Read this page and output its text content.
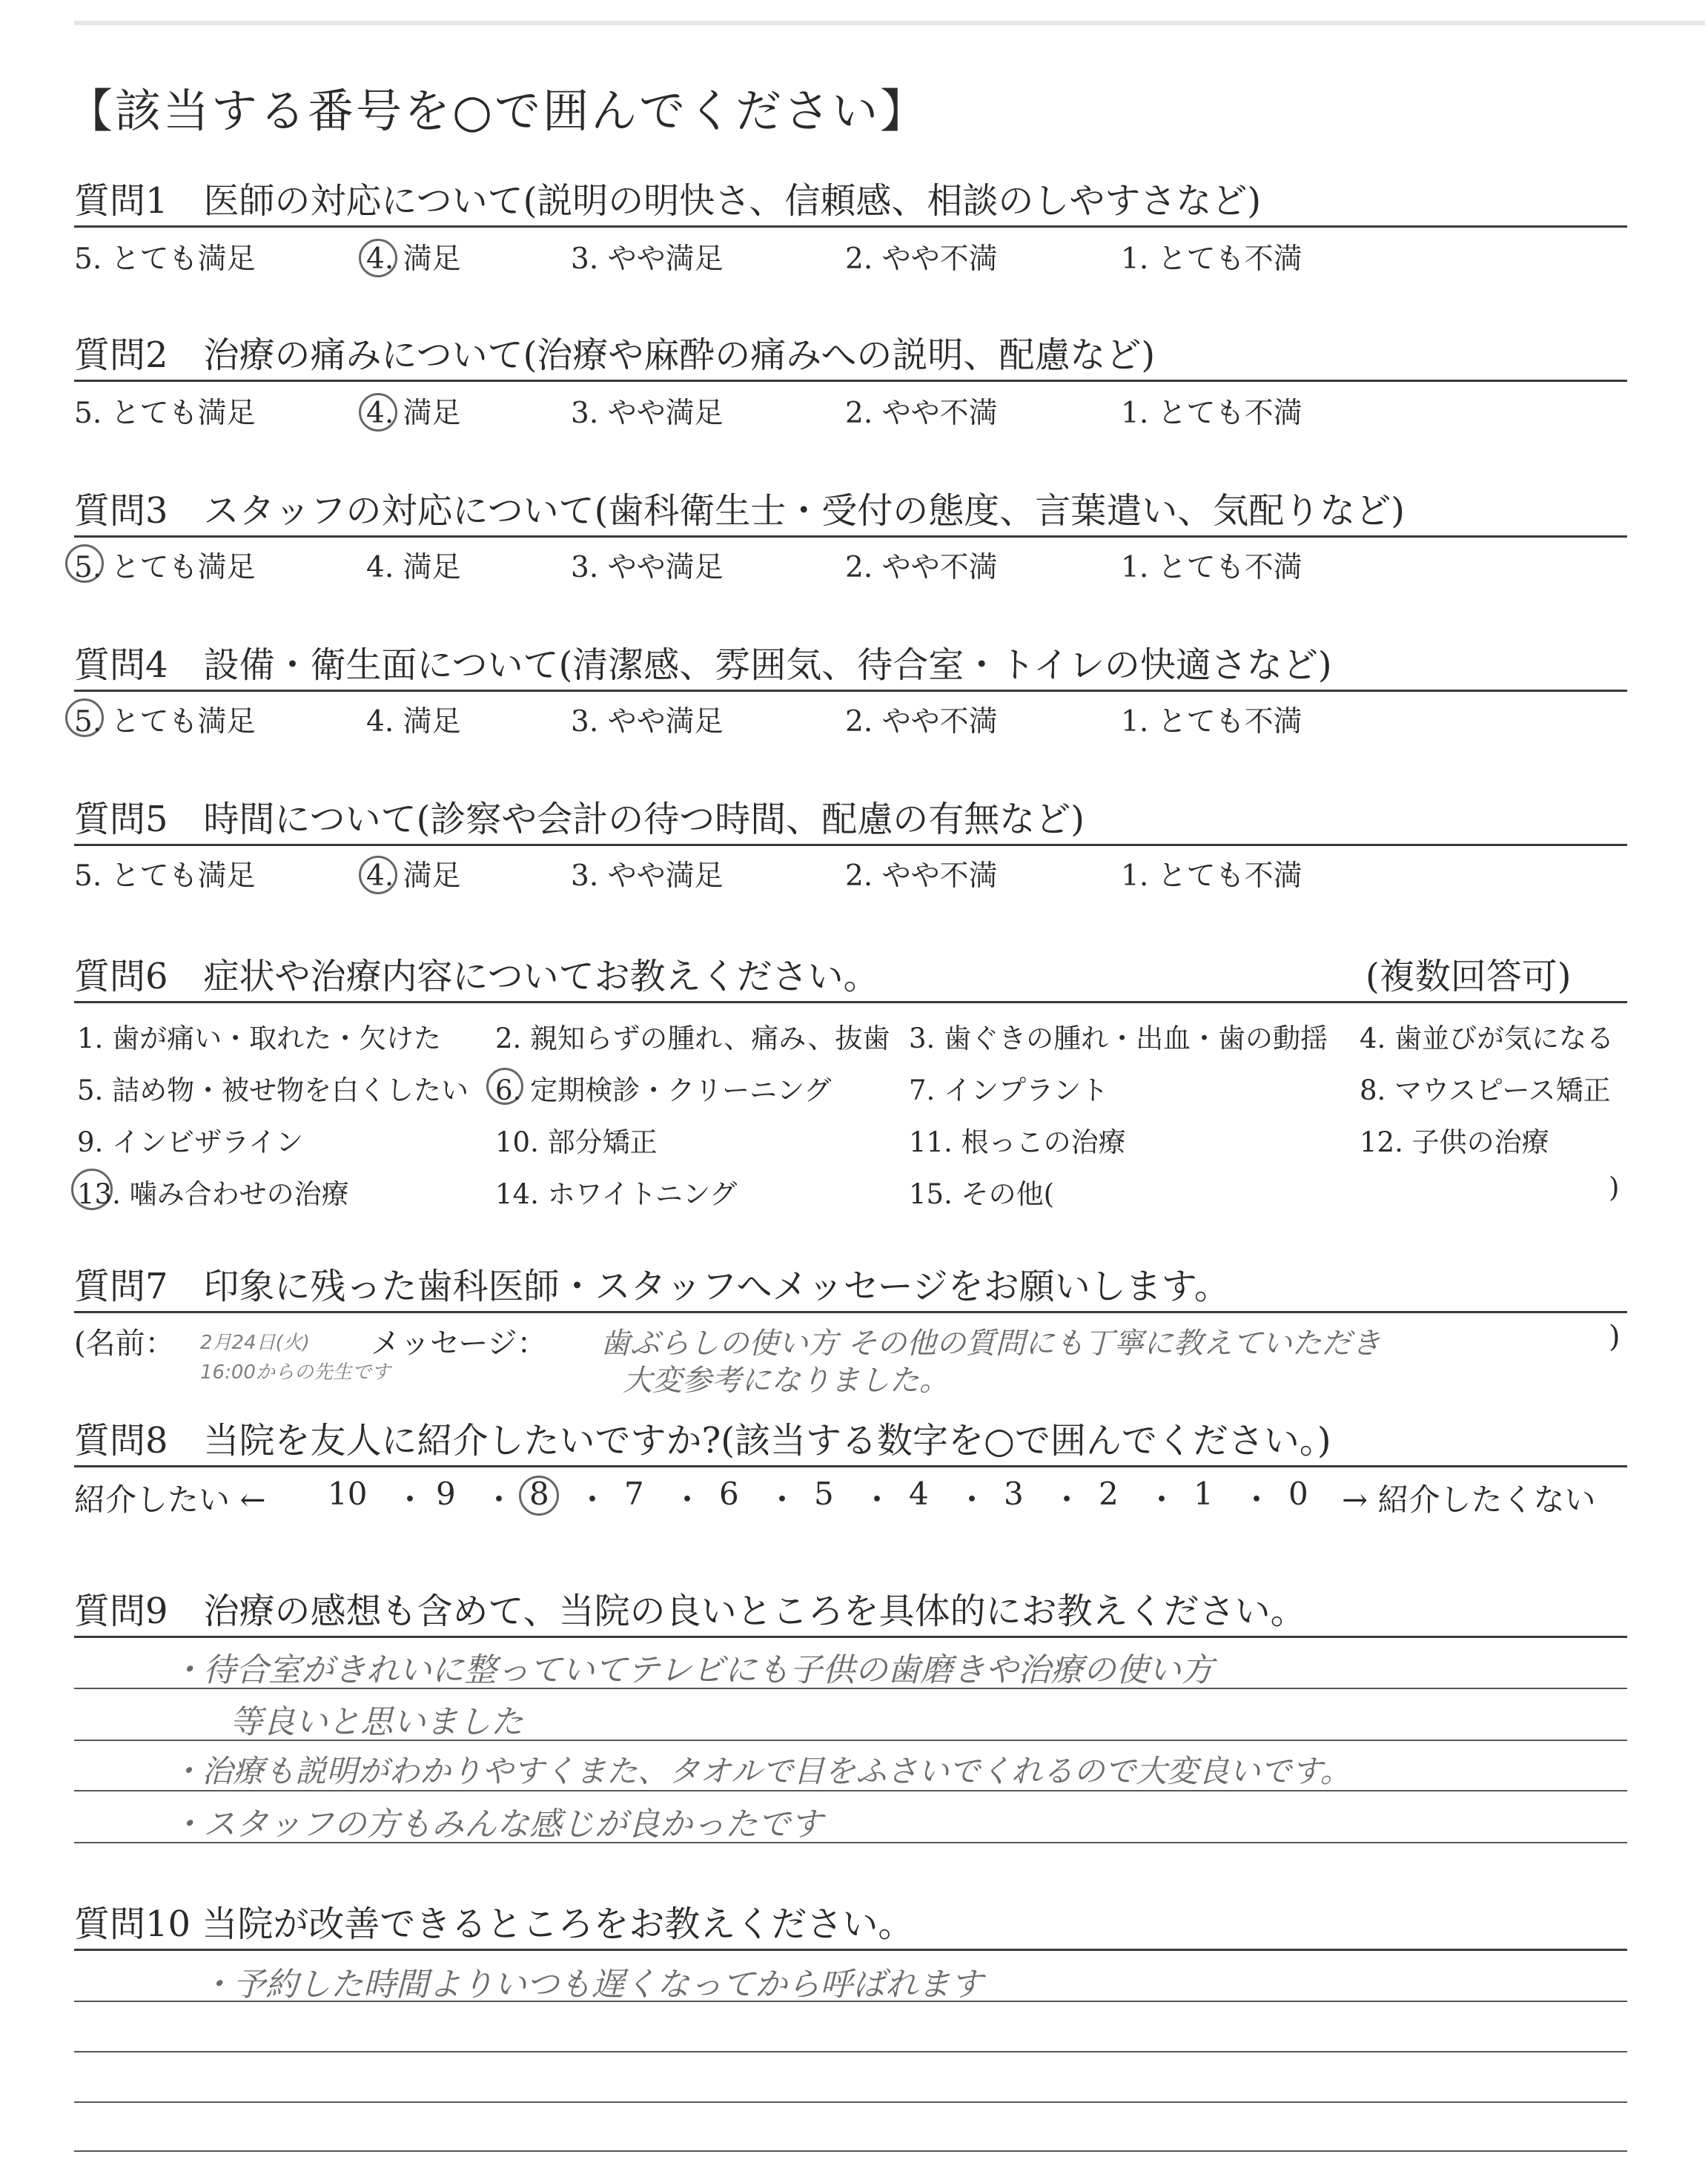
【該当する番号を○で囲んでください】
質問1　医師の対応について(説明の明快さ、信頼感、相談のしやすさなど)
5. とても満足	4. 満足	3. やや満足	2. やや不満	1. とても不満
質問2　治療の痛みについて(治療や麻酔の痛みへの説明、配慮など)
5. とても満足	4. 満足	3. やや満足	2. やや不満	1. とても不満
質問3　スタッフの対応について(歯科衛生士・受付の態度、言葉遣い、気配りなど)
5. とても満足	4. 満足	3. やや満足	2. やや不満	1. とても不満
質問4　設備・衛生面について(清潔感、雰囲気、待合室・トイレの快適さなど)
5. とても満足	4. 満足	3. やや満足	2. やや不満	1. とても不満
質問5　時間について(診察や会計の待つ時間、配慮の有無など)
5. とても満足	4. 満足	3. やや満足	2. やや不満	1. とても不満
質問6　症状や治療内容についてお教えください。	(複数回答可)
1. 歯が痛い・取れた・欠けた 2. 親知らずの腫れ、痛み、抜歯 3. 歯ぐきの腫れ・出血・歯の動揺 4. 歯並びが気になる
5. 詰め物・被せ物を白くしたい 6. 定期検診・クリーニング	7. インプラント	8. マウスピース矯正
9. インビザライン	10. 部分矯正	11. 根っこの治療	12. 子供の治療
13. 噛み合わせの治療	14. ホワイトニング	15. その他(	)
質問7　印象に残った歯科医師・スタッフへメッセージをお願いします。
(名前： 2月24日(火)
16:00からの先生です
メッセージ： 歯ぶらしの使い方 その他の質問にも丁寧に教えていただき
大変参考になりました。
)
質問8　当院を友人に紹介したいですか?(該当する数字を○で囲んでください。)
紹介したい ← 10 ・ 9 ・ 8 ・ 7 ・ 6 ・ 5 ・ 4 ・ 3 ・ 2 ・ 1 ・ 0 → 紹介したくない
質問9　治療の感想も含めて、当院の良いところを具体的にお教えください。
・待合室がきれいに整っていてテレビにも子供の歯磨きや治療の使い方
等良いと思いました
・治療も説明がわかりやすくまた、タオルで目をふさいでくれるので大変良いです。
・スタッフの方もみんな感じが良かったです
質問10 当院が改善できるところをお教えください。
・予約した時間よりいつも遅くなってから呼ばれます
